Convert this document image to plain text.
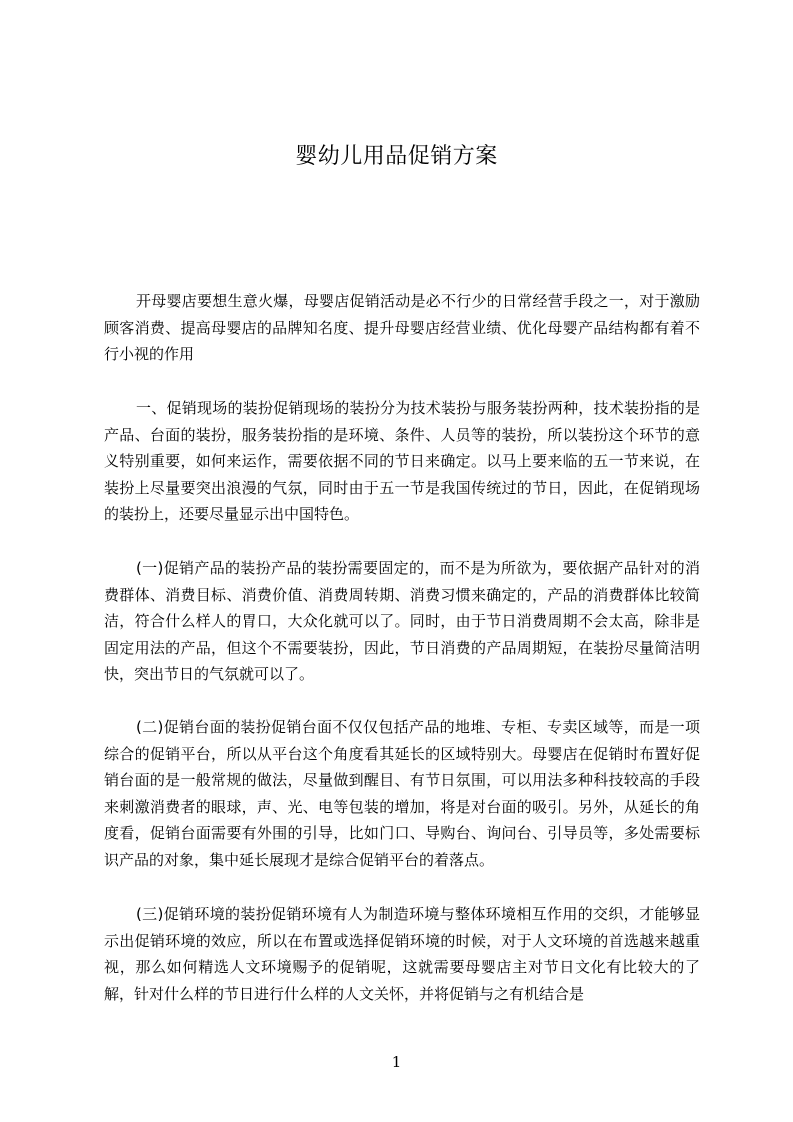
婴幼儿用品促销方案

开母婴店要想生意火爆，母婴店促销活动是必不行少的日常经营手段之一，对于激励顾客消费、提高母婴店的品牌知名度、提升母婴店经营业绩、优化母婴产品结构都有着不行小视的作用

一、促销现场的装扮促销现场的装扮分为技术装扮与服务装扮两种，技术装扮指的是产品、台面的装扮，服务装扮指的是环境、条件、人员等的装扮，所以装扮这个环节的意义特别重要，如何来运作，需要依据不同的节日来确定。以马上要来临的五一节来说，在装扮上尽量要突出浪漫的气氛，同时由于五一节是我国传统过的节日，因此，在促销现场的装扮上，还要尽量显示出中国特色。

(一)促销产品的装扮产品的装扮需要固定的，而不是为所欲为，要依据产品针对的消费群体、消费目标、消费价值、消费周转期、消费习惯来确定的，产品的消费群体比较简洁，符合什么样人的胃口，大众化就可以了。同时，由于节日消费周期不会太高，除非是固定用法的产品，但这个不需要装扮，因此，节日消费的产品周期短，在装扮尽量简洁明快，突出节日的气氛就可以了。

(二)促销台面的装扮促销台面不仅仅包括产品的地堆、专柜、专卖区域等，而是一项综合的促销平台，所以从平台这个角度看其延长的区域特别大。母婴店在促销时布置好促销台面的是一般常规的做法，尽量做到醒目、有节日氛围，可以用法多种科技较高的手段来刺激消费者的眼球，声、光、电等包装的增加，将是对台面的吸引。另外，从延长的角度看，促销台面需要有外围的引导，比如门口、导购台、询问台、引导员等，多处需要标识产品的对象，集中延长展现才是综合促销平台的着落点。

(三)促销环境的装扮促销环境有人为制造环境与整体环境相互作用的交织，才能够显示出促销环境的效应，所以在布置或选择促销环境的时候，对于人文环境的首选越来越重视，那么如何精选人文环境赐予的促销呢，这就需要母婴店主对节日文化有比较大的了解，针对什么样的节日进行什么样的人文关怀，并将促销与之有机结合是

1
